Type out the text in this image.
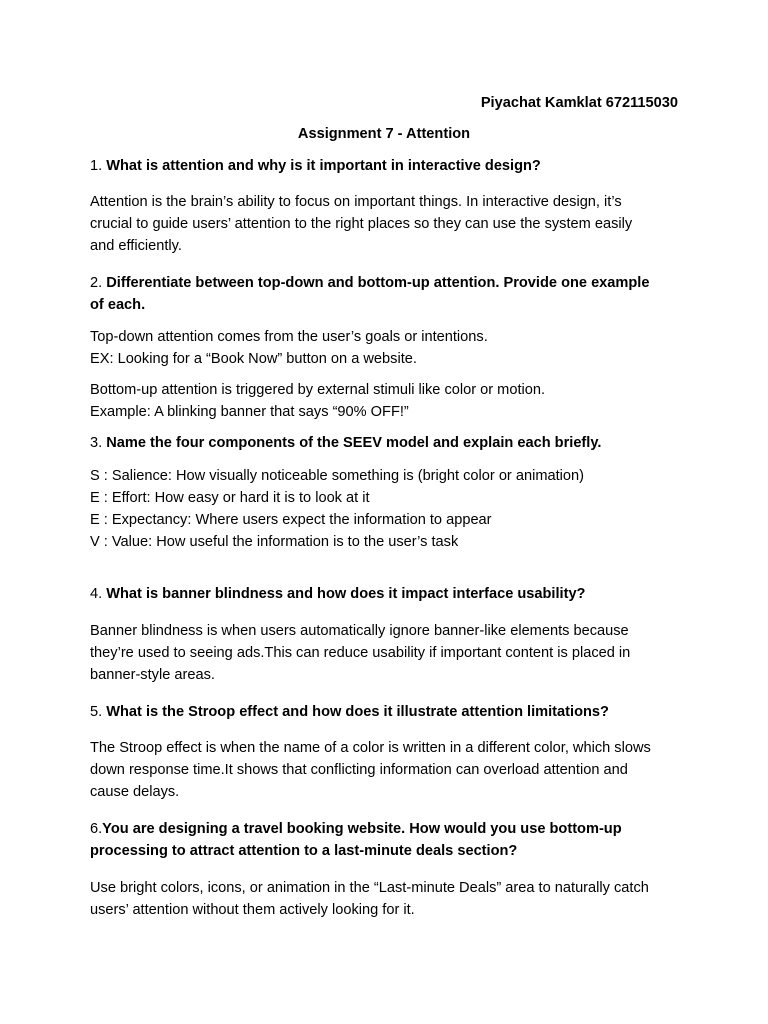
Piyachat Kamklat 672115030
Assignment 7 - Attention
1. What is attention and why is it important in interactive design?
Attention is the brain’s ability to focus on important things. In interactive design, it’s
crucial to guide users’ attention to the right places so they can use the system easily
and efficiently.
2. Differentiate between top-down and bottom-up attention. Provide one example
of each.
Top-down attention comes from the user’s goals or intentions.
EX: Looking for a “Book Now” button on a website.
Bottom-up attention is triggered by external stimuli like color or motion.
Example: A blinking banner that says “90% OFF!”
3. Name the four components of the SEEV model and explain each briefly.
S : Salience: How visually noticeable something is (bright color or animation)
E : Effort: How easy or hard it is to look at it
E : Expectancy: Where users expect the information to appear
V : Value: How useful the information is to the user’s task
4. What is banner blindness and how does it impact interface usability?
Banner blindness is when users automatically ignore banner-like elements because
they’re used to seeing ads.This can reduce usability if important content is placed in
banner-style areas.
5. What is the Stroop effect and how does it illustrate attention limitations?
The Stroop effect is when the name of a color is written in a different color, which slows
down response time.It shows that conflicting information can overload attention and
cause delays.
6.You are designing a travel booking website. How would you use bottom-up
processing to attract attention to a last-minute deals section?
Use bright colors, icons, or animation in the “Last-minute Deals” area to naturally catch
users’ attention without them actively looking for it.
